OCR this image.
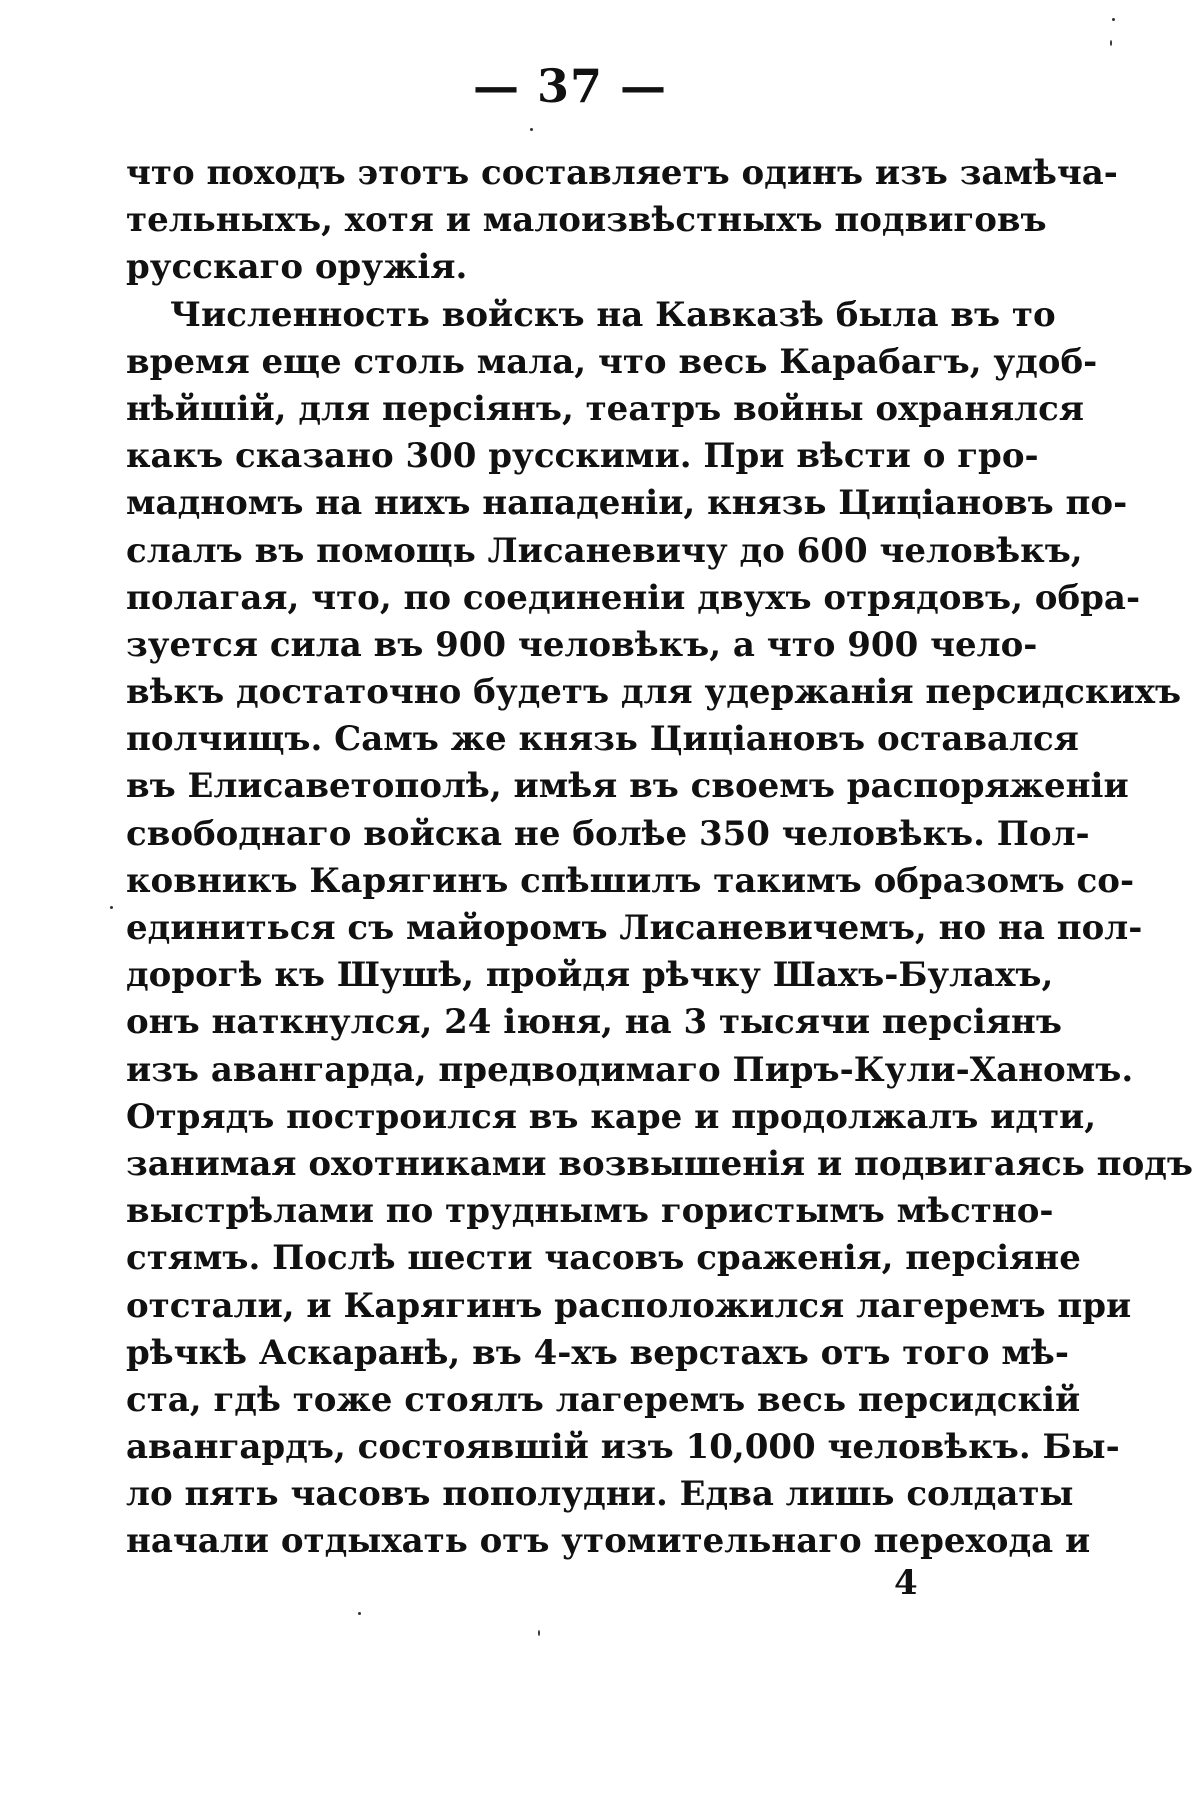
— 37 —
что походъ этотъ составляетъ одинъ изъ замѣча-
тельныхъ, хотя и малоизвѣстныхъ подвиговъ
русскаго оружія.
Численность войскъ на Кавказѣ была въ то
время еще столь мала, что весь Карабагъ, удоб-
нѣйшій, для персіянъ, театръ войны охранялся
какъ сказано 300 русскими. При вѣсти о гро-
мадномъ на нихъ нападеніи, князь Циціановъ по-
слалъ въ помощь Лисаневичу до 600 человѣкъ,
полагая, что, по соединеніи двухъ отрядовъ, обра-
зуется сила въ 900 человѣкъ, а что 900 чело-
вѣкъ достаточно будетъ для удержанія персидскихъ
полчищъ. Самъ же князь Циціановъ оставался
въ Елисаветополѣ, имѣя въ своемъ распоряженіи
свободнаго войска не болѣе 350 человѣкъ. Пол-
ковникъ Карягинъ спѣшилъ такимъ образомъ со-
единиться съ майоромъ Лисаневичемъ, но на пол-
дорогѣ къ Шушѣ, пройдя рѣчку Шахъ-Булахъ,
онъ наткнулся, 24 іюня, на 3 тысячи персіянъ
изъ авангарда, предводимаго Пиръ-Кули-Ханомъ.
Отрядъ построился въ каре и продолжалъ идти,
занимая охотниками возвышенія и подвигаясь подъ
выстрѣлами по труднымъ гористымъ мѣстно-
стямъ. Послѣ шести часовъ сраженія, персіяне
отстали, и Карягинъ расположился лагеремъ при
рѣчкѣ Аскаранѣ, въ 4-хъ верстахъ отъ того мѣ-
ста, гдѣ тоже стоялъ лагеремъ весь персидскій
авангардъ, состоявшій изъ 10,000 человѣкъ. Бы-
ло пять часовъ пополудни. Едва лишь солдаты
начали отдыхать отъ утомительнаго перехода и
4
